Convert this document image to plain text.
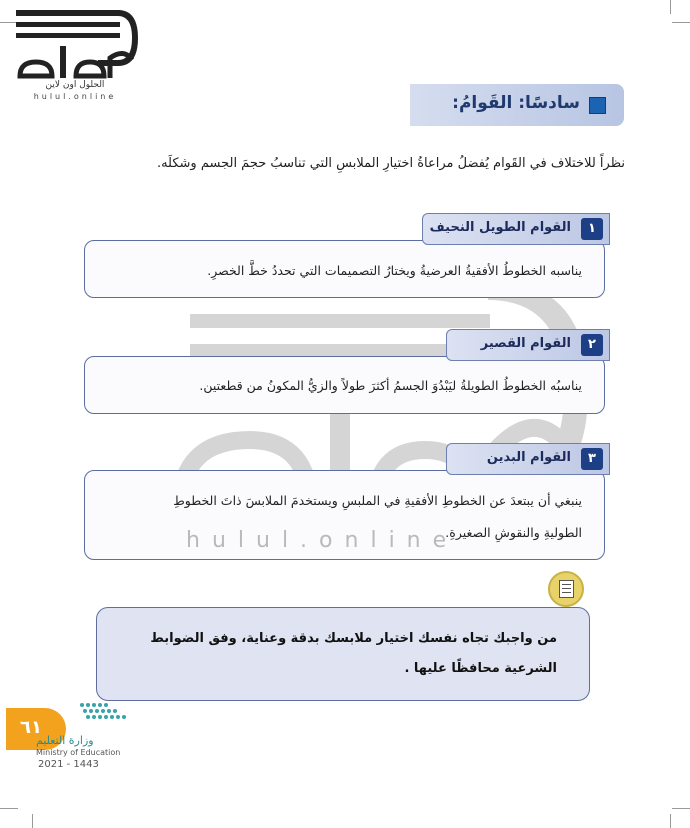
الحلول اون لاين
hulul.online	سادسًا: القَوامُ:
نظراً للاختلاف في القَوام يُفضلُ مراعاةُ اختيارِ الملابسِ التي تناسبُ حجمَ الجسم وشكلَه.
يناسبه الخطوطُ الأفقيةُ العرضيةُ ويختارُ التصميمات التي تحددُ خطَّ الخصرِ.
١
القوام الطويل النحيف
يناسبُه الخطوطُ الطويلةُ ليَبْدُوَ الجسمُ أكثرَ طولاً والزيُّ المكونُ من قطعتين.
٢
القوام القصير
ينبغي أن يبتعدَ عن الخطوطِ الأفقيةِ في الملبسِ ويستخدمَ الملابسَ ذاتَ الخطوطِ
الطوليةِ والنقوشِ الصغيرةِ.
٣
القوام البدين
hulul.online
من واجبك تجاه نفسك اختيار ملابسك بدقة وعناية، وفق الضوابط الشرعية محافظًا عليها .
٦١
وزارة التعليم
Ministry of Education
2021 - 1443
